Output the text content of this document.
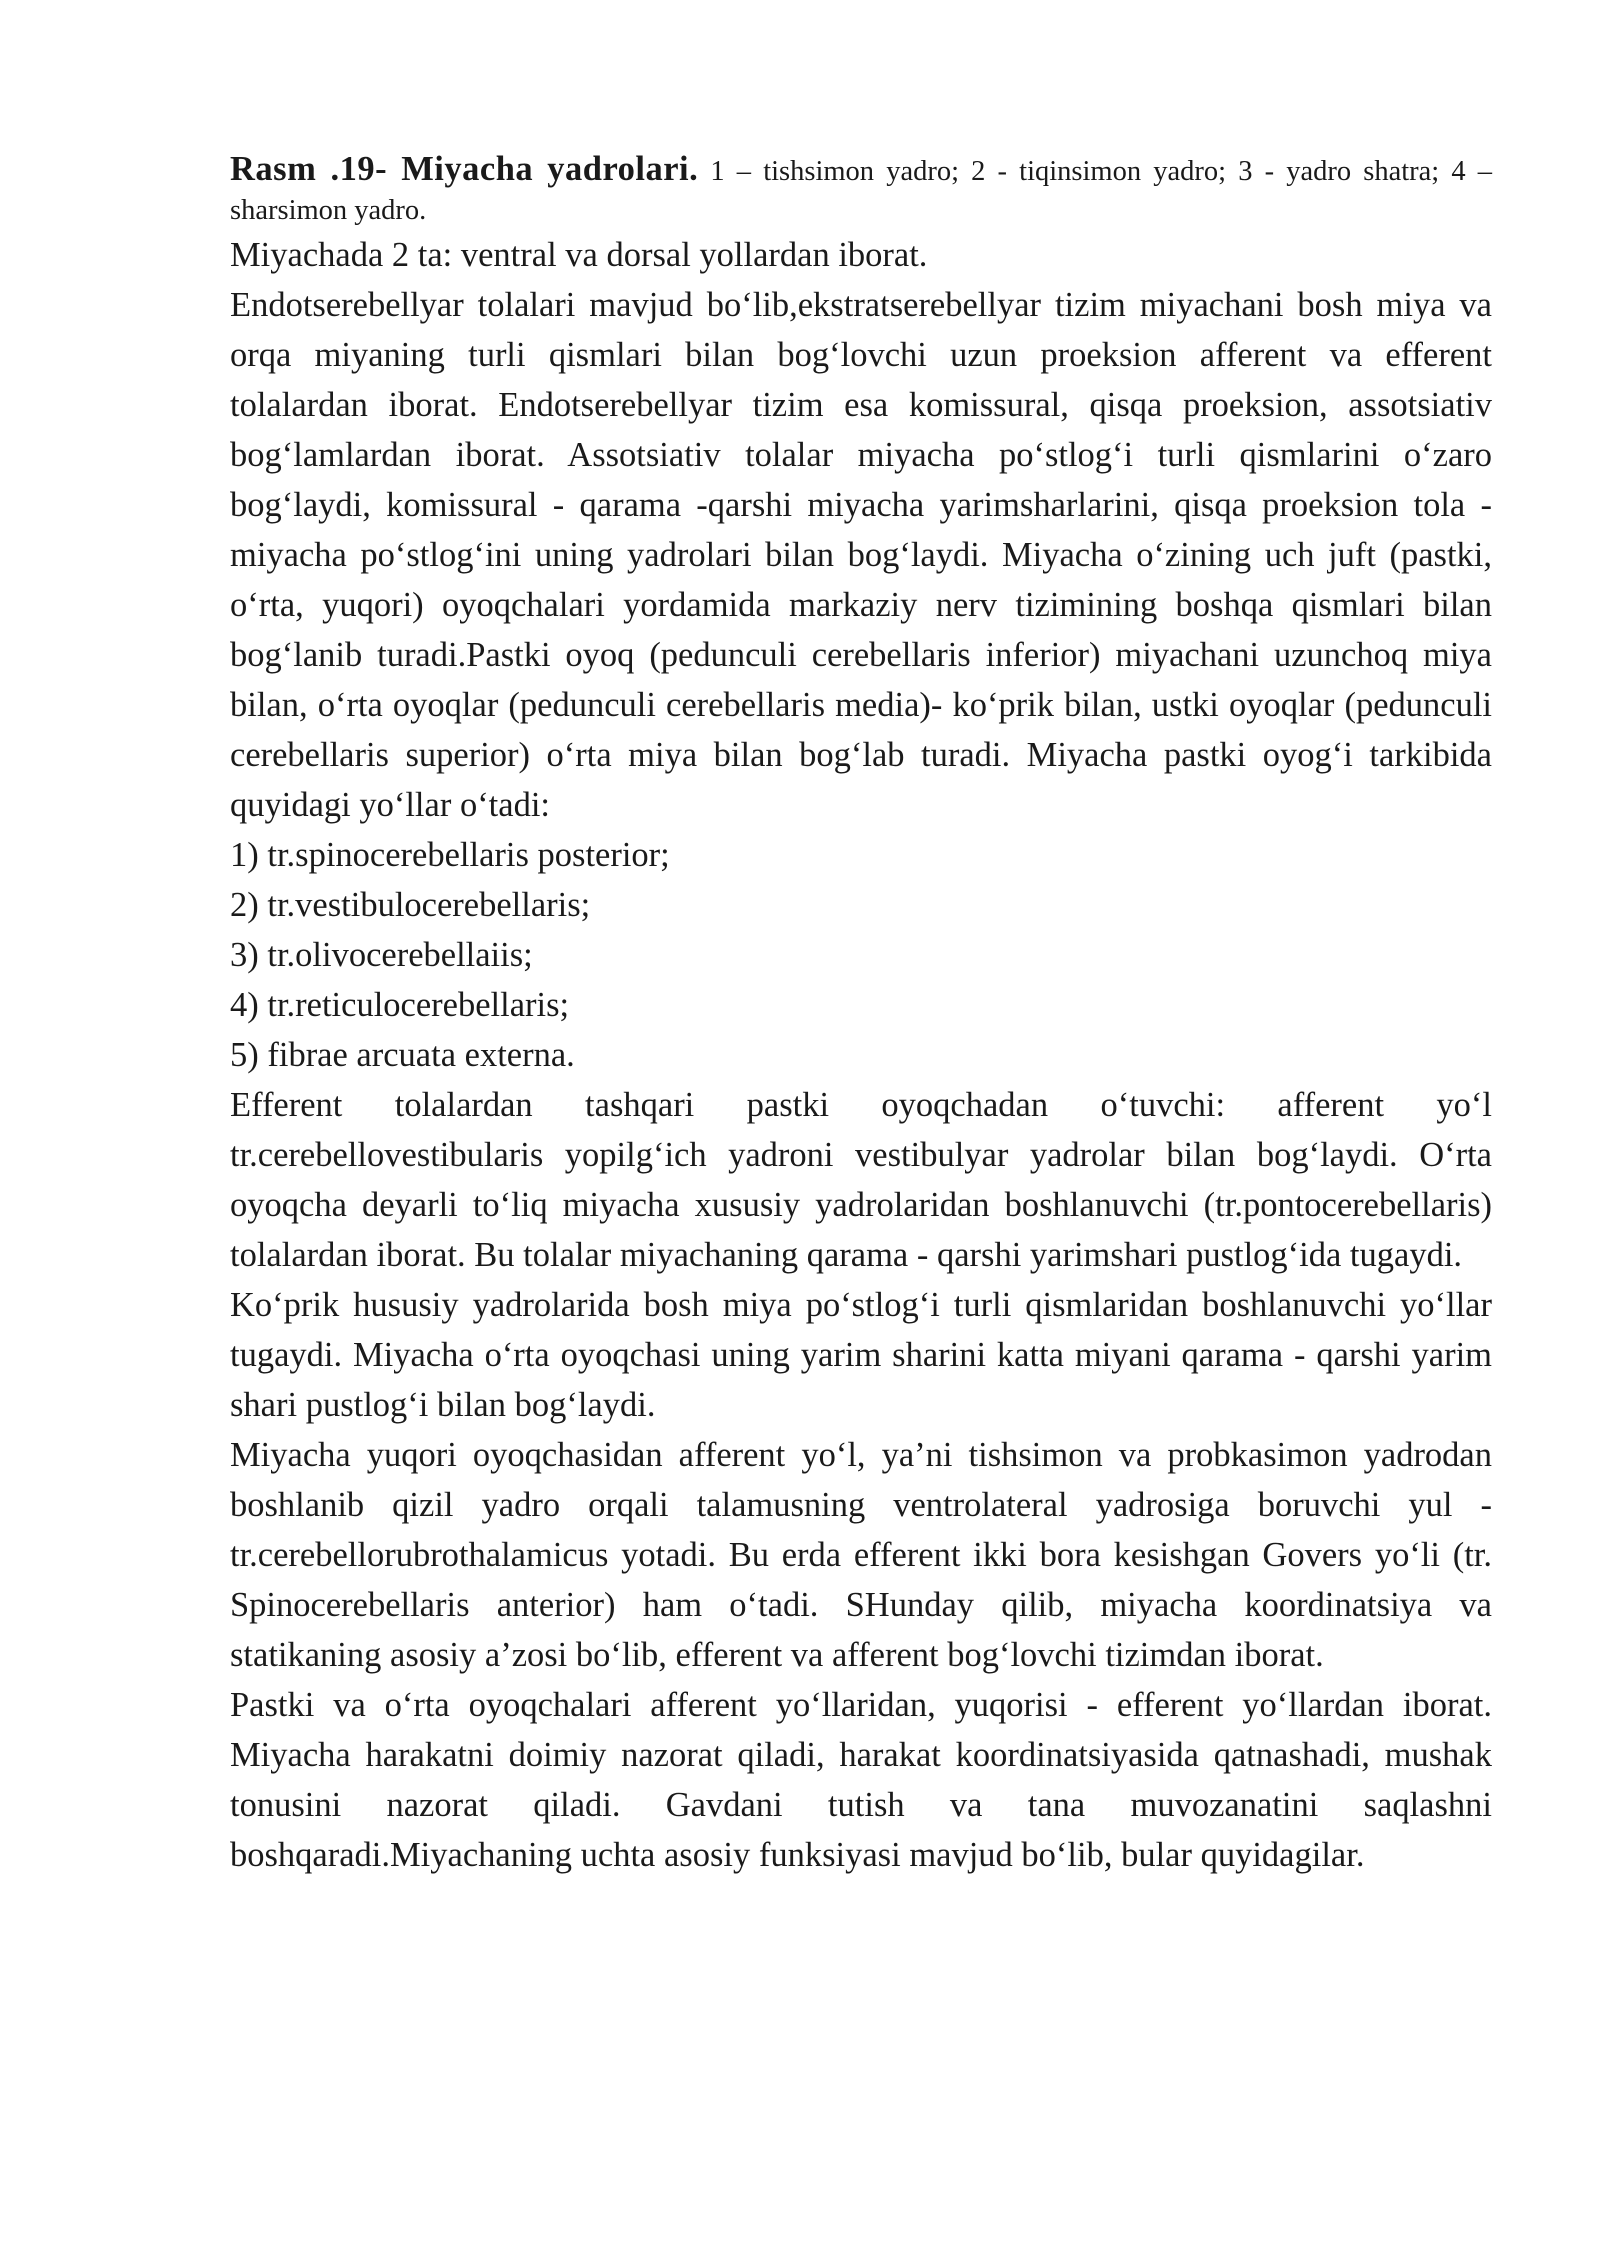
Rasm .19- Miyacha yadrolari. 1 – tishsimon yadro; 2 - tiqinsimon yadro; 3 - yadro shatra; 4 – sharsimon yadro.

Miyachada 2 ta: ventral va dorsal yollardan iborat.

Endotserebellyar tolalari mavjud bo‘lib,ekstratserebellyar tizim miyachani bosh miya va orqa miyaning turli qismlari bilan bog‘lovchi uzun proeksion afferent va efferent tolalardan iborat. Endotserebellyar tizim esa komissural, qisqa proeksion, assotsiativ bog‘lamlardan iborat. Assotsiativ tolalar miyacha po‘stlog‘i turli qismlarini o‘zaro bog‘laydi, komissural - qarama -qarshi miyacha yarimsharlarini, qisqa proeksion tola - miyacha po‘stlog‘ini uning yadrolari bilan bog‘laydi. Miyacha o‘zining uch juft (pastki, o‘rta, yuqori) oyoqchalari yordamida markaziy nerv tizimining boshqa qismlari bilan bog‘lanib turadi.Pastki oyoq (pedunculi cerebellaris inferior) miyachani uzunchoq miya bilan, o‘rta oyoqlar (pedunculi cerebellaris media)- ko‘prik bilan, ustki oyoqlar (pedunculi cerebellaris superior) o‘rta miya bilan bog‘lab turadi. Miyacha pastki oyog‘i tarkibida quyidagi yo‘llar o‘tadi:

1) tr.spinocerebellaris posterior;

2) tr.vestibulocerebellaris;

3) tr.olivocerebellaiis;

4) tr.reticulocerebellaris;

5) fibrae arcuata externa.

Efferent tolalardan tashqari pastki oyoqchadan o‘tuvchi: afferent yo‘l tr.cerebellovestibularis yopilg‘ich yadroni vestibulyar yadrolar bilan bog‘laydi. O‘rta oyoqcha deyarli to‘liq miyacha xususiy yadrolaridan boshlanuvchi (tr.pontocerebellaris) tolalardan iborat. Bu tolalar miyachaning qarama - qarshi yarimshari pustlog‘ida tugaydi.

Ko‘prik hususiy yadrolarida bosh miya po‘stlog‘i turli qismlaridan boshlanuvchi yo‘llar tugaydi. Miyacha o‘rta oyoqchasi uning yarim sharini katta miyani qarama - qarshi yarim shari pustlog‘i bilan bog‘laydi.

Miyacha yuqori oyoqchasidan afferent yo‘l, ya’ni tishsimon va probkasimon yadrodan boshlanib qizil yadro orqali talamusning ventrolateral yadrosiga boruvchi yul - tr.cerebellorubrothalamicus yotadi. Bu erda efferent ikki bora kesishgan Govers yo‘li (tr. Spinocerebellaris anterior) ham o‘tadi. SHunday qilib, miyacha koordinatsiya va statikaning asosiy a’zosi bo‘lib, efferent va afferent bog‘lovchi tizimdan iborat.

Pastki va o‘rta oyoqchalari afferent yo‘llaridan, yuqorisi - efferent yo‘llardan iborat. Miyacha harakatni doimiy nazorat qiladi, harakat koordinatsiyasida qatnashadi, mushak tonusini nazorat qiladi. Gavdani tutish va tana muvozanatini saqlashni boshqaradi.Miyachaning uchta asosiy funksiyasi mavjud bo‘lib, bular quyidagilar.
